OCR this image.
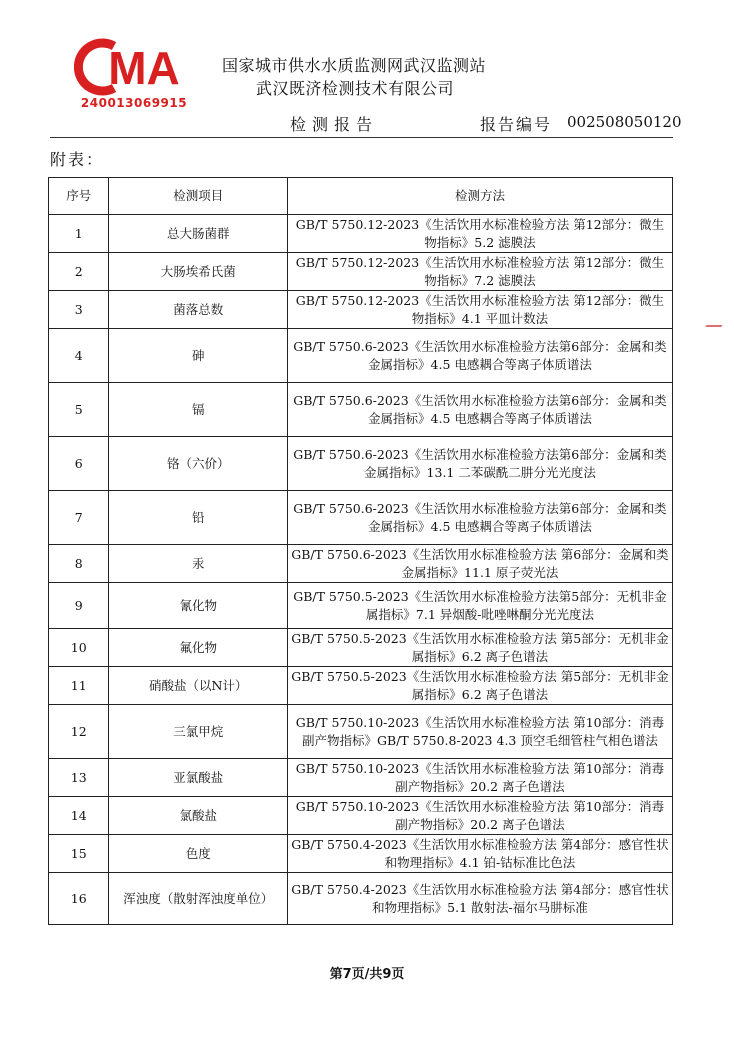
MA
240013069915
国家城市供水水质监测网武汉监测站
武汉既济检测技术有限公司
检测报告	报告编号 002508050120
附表：
序号	检测项目	检测方法
1	总大肠菌群	GB/T 5750.12-2023《生活饮用水标准检验方法 第12部分：微生物指标》5.2 滤膜法
2	大肠埃希氏菌	GB/T 5750.12-2023《生活饮用水标准检验方法 第12部分：微生物指标》7.2 滤膜法
3	菌落总数	GB/T 5750.12-2023《生活饮用水标准检验方法 第12部分：微生物指标》4.1 平皿计数法
4	砷	GB/T 5750.6-2023《生活饮用水标准检验方法第6部分：金属和类金属指标》4.5 电感耦合等离子体质谱法
5	镉	GB/T 5750.6-2023《生活饮用水标准检验方法第6部分：金属和类金属指标》4.5 电感耦合等离子体质谱法
6	铬（六价）	GB/T 5750.6-2023《生活饮用水标准检验方法第6部分：金属和类金属指标》13.1 二苯碳酰二肼分光光度法
7	铅	GB/T 5750.6-2023《生活饮用水标准检验方法第6部分：金属和类金属指标》4.5 电感耦合等离子体质谱法
8	汞	GB/T 5750.6-2023《生活饮用水标准检验方法 第6部分：金属和类金属指标》11.1 原子荧光法
9	氰化物	GB/T 5750.5-2023《生活饮用水标准检验方法第5部分：无机非金属指标》7.1 异烟酸-吡唑啉酮分光光度法
10	氟化物	GB/T 5750.5-2023《生活饮用水标准检验方法 第5部分：无机非金属指标》6.2 离子色谱法
11	硝酸盐（以N计）	GB/T 5750.5-2023《生活饮用水标准检验方法 第5部分：无机非金属指标》6.2 离子色谱法
12	三氯甲烷	GB/T 5750.10-2023《生活饮用水标准检验方法 第10部分：消毒副产物指标》GB/T 5750.8-2023 4.3 顶空毛细管柱气相色谱法
13	亚氯酸盐	GB/T 5750.10-2023《生活饮用水标准检验方法 第10部分：消毒副产物指标》20.2 离子色谱法
14	氯酸盐	GB/T 5750.10-2023《生活饮用水标准检验方法 第10部分：消毒副产物指标》20.2 离子色谱法
15	色度	GB/T 5750.4-2023《生活饮用水标准检验方法 第4部分：感官性状和物理指标》4.1 铂-钴标准比色法
16	浑浊度（散射浑浊度单位）	GB/T 5750.4-2023《生活饮用水标准检验方法 第4部分：感官性状和物理指标》5.1 散射法-福尔马肼标准
第7页/共9页
